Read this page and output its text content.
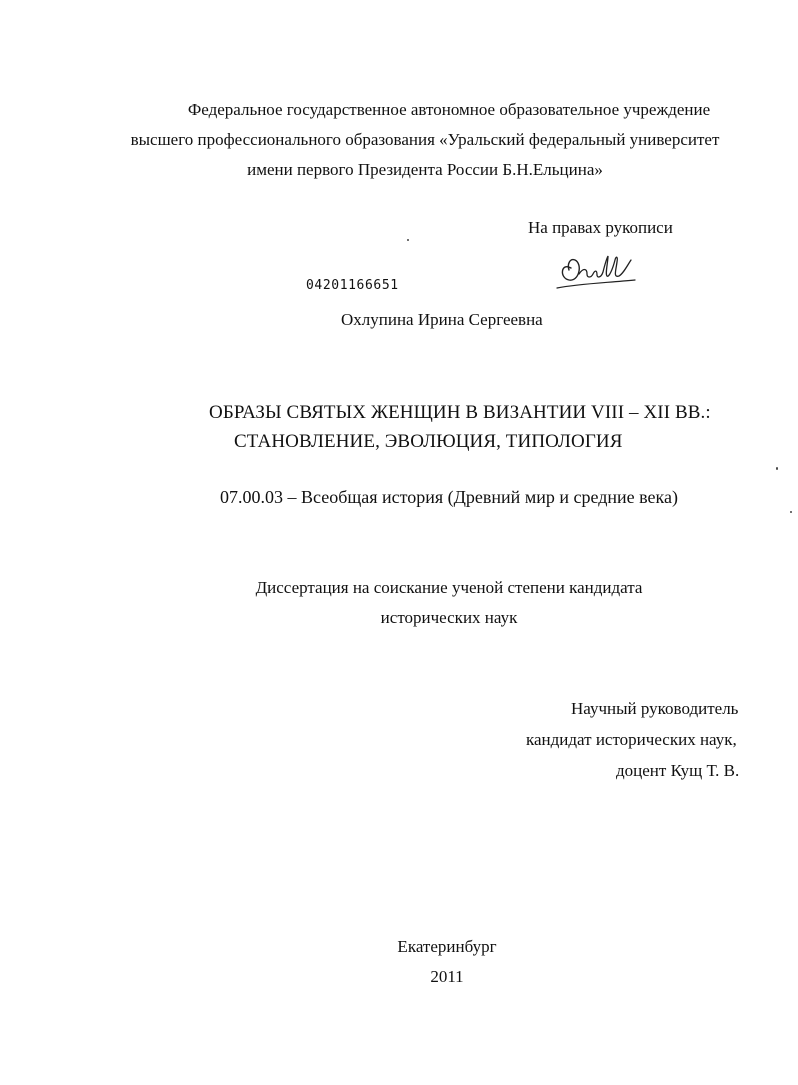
Федеральное государственное автономное образовательное учреждение
высшего профессионального образования «Уральский федеральный университет
имени первого Президента России Б.Н.Ельцина»
На правах рукописи
04201166651
Охлупина Ирина Сергеевна
ОБРАЗЫ СВЯТЫХ ЖЕНЩИН В ВИЗАНТИИ VIII – XII ВВ.:
СТАНОВЛЕНИЕ, ЭВОЛЮЦИЯ, ТИПОЛОГИЯ
07.00.03 – Всеобщая история (Древний мир и средние века)
Диссертация на соискание ученой степени кандидата
исторических наук
Научный руководитель
кандидат исторических наук,
доцент Кущ Т. В.
Екатеринбург
2011
